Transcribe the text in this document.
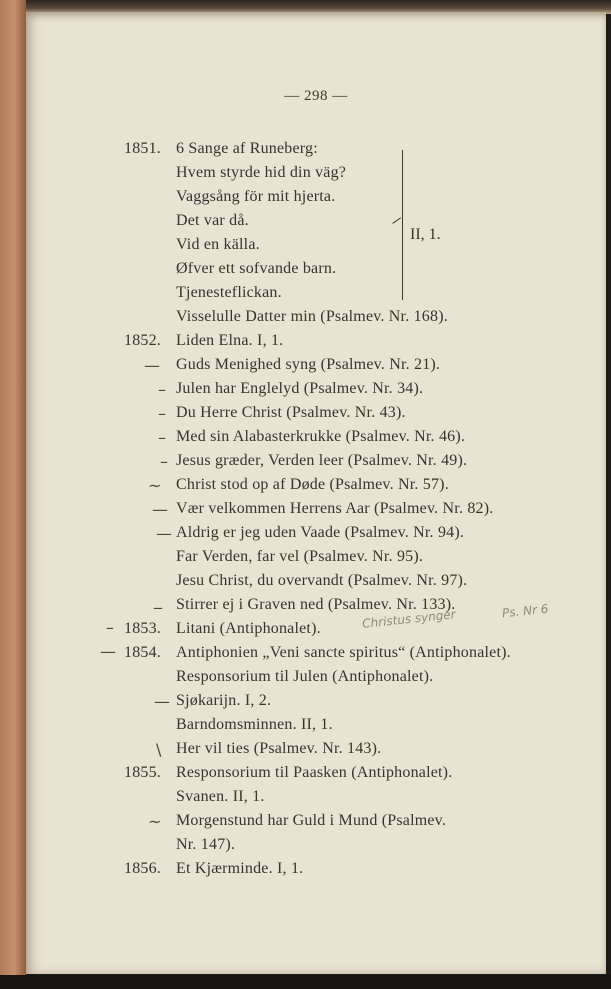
— 298 —
1851. 6 Sange af Runeberg:
Hvem styrde hid din väg?
Vaggsång för mit hjerta.
Det var då.
Vid en källa.
Øfver ett sofvande barn.
Tjenesteflickan.
II, 1.
Visselulle Datter min (Psalmev. Nr. 168).
1852. Liden Elna. I, 1.
— Guds Menighed syng (Psalmev. Nr. 21).
– Julen har Englelyd (Psalmev. Nr. 34).
– Du Herre Christ (Psalmev. Nr. 43).
– Med sin Alabasterkrukke (Psalmev. Nr. 46).
– Jesus græder, Verden leer (Psalmev. Nr. 49).
~ Christ stod op af Døde (Psalmev. Nr. 57).
— Vær velkommen Herrens Aar (Psalmev. Nr. 82).
— Aldrig er jeg uden Vaade (Psalmev. Nr. 94).
Far Verden, far vel (Psalmev. Nr. 95).
Jesu Christ, du overvandt (Psalmev. Nr. 97).
_ Stirrer ej i Graven ned (Psalmev. Nr. 133).
– 1853. Litani (Antiphonalet).
— 1854. Antiphonien „Veni sancte spiritus“ (Antiphonalet).
Responsorium til Julen (Antiphonalet).
— Sjøkarijn. I, 2.
Barndomsminnen. II, 1.
\ Her vil ties (Psalmev. Nr. 143).
1855. Responsorium til Paasken (Antiphonalet).
Svanen. II, 1.
~ Morgenstund har Guld i Mund (Psalmev.
Nr. 147).
1856. Et Kjærminde. I, 1.
Christus synger	Ps. Nr 6
